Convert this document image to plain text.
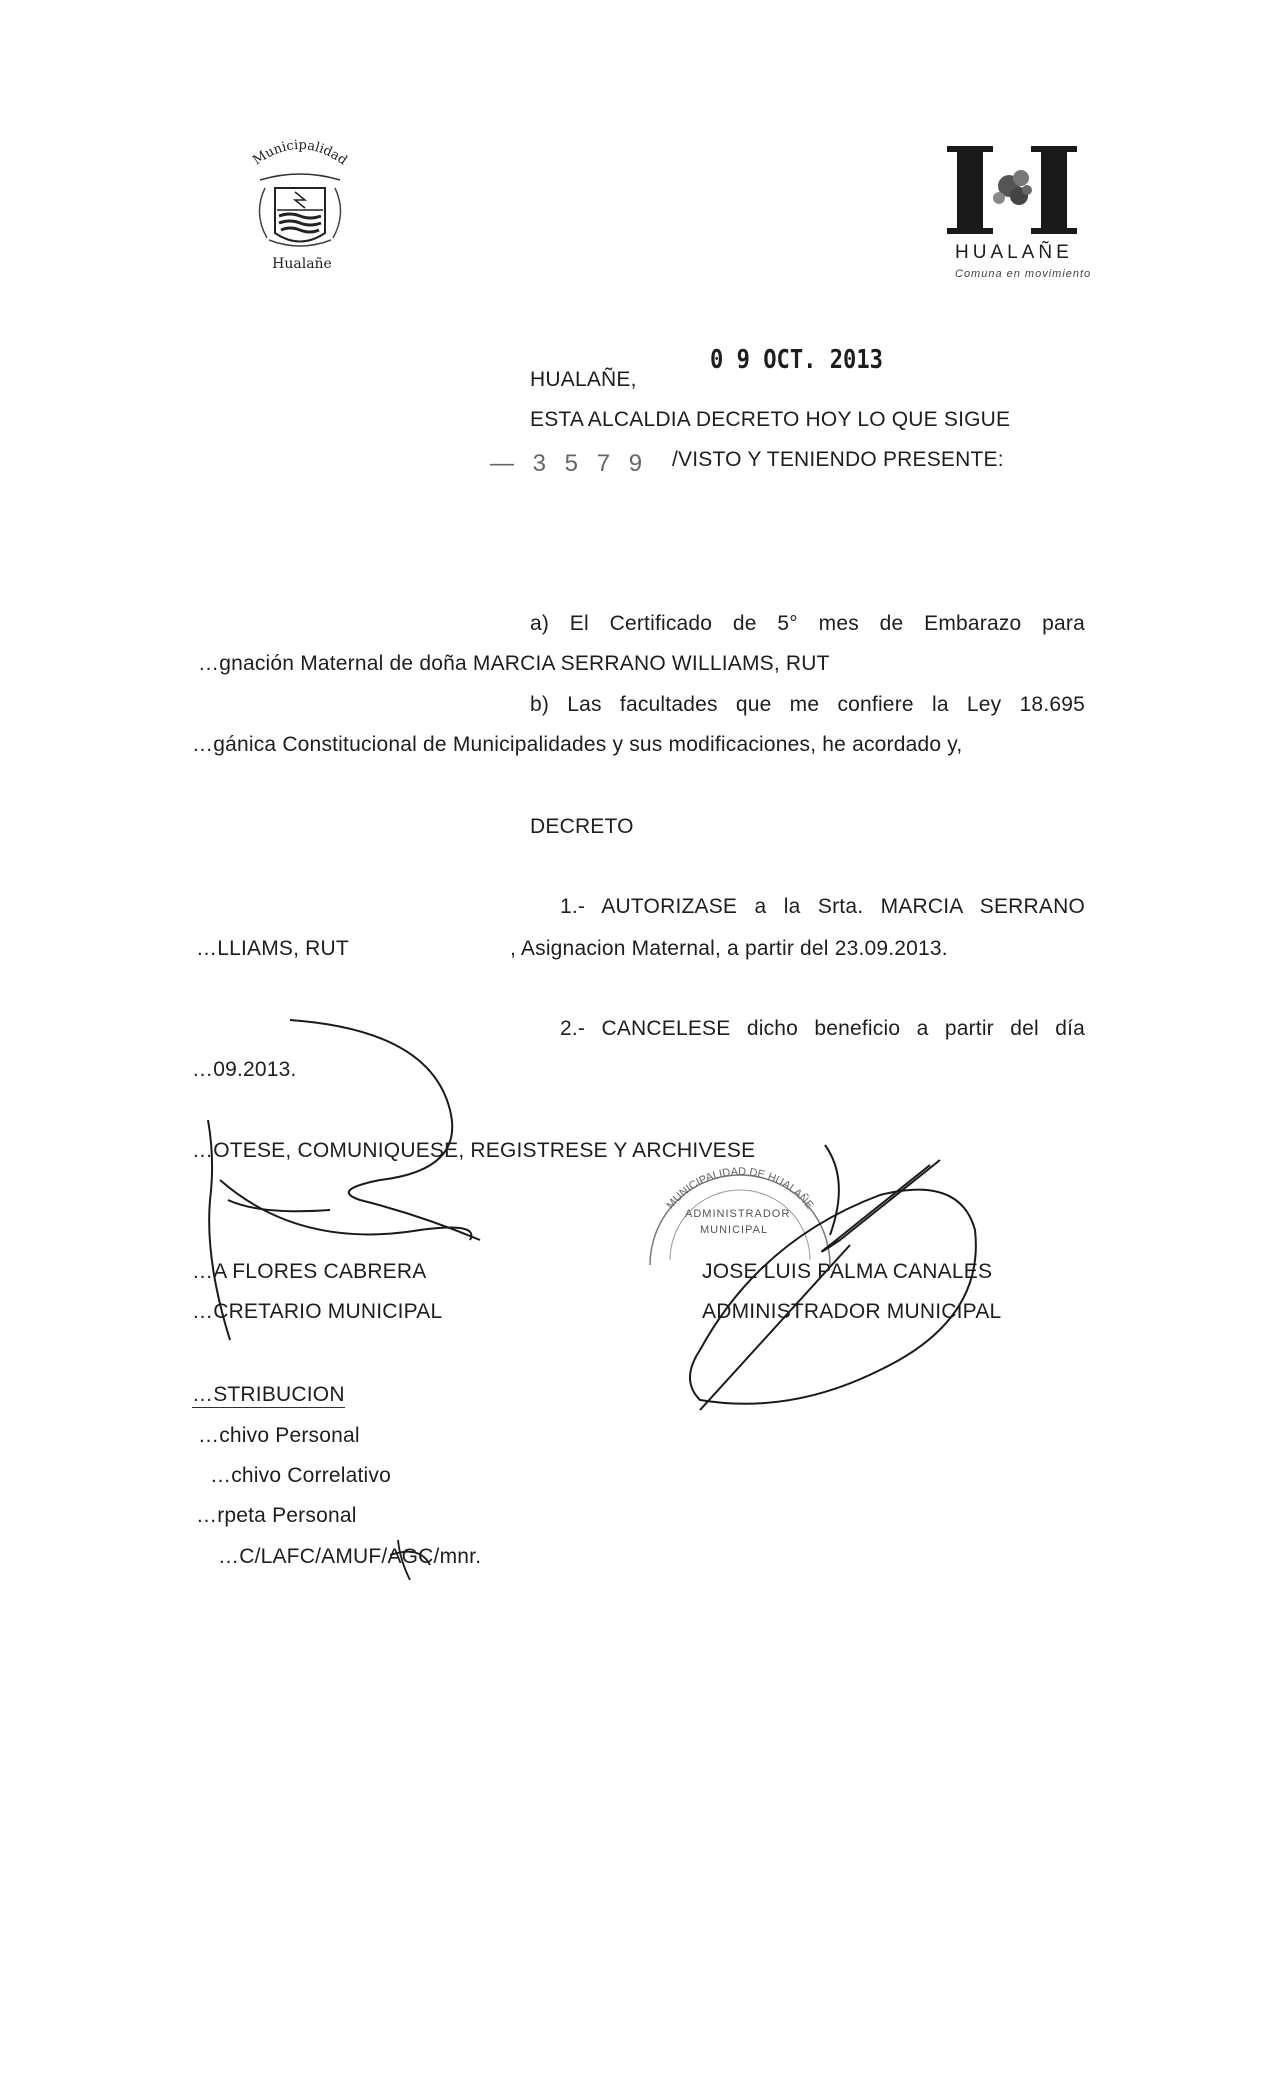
Municipalidad
Hualañe
HUALAÑE
Comuna en movimiento
HUALAÑE,
0 9 OCT. 2013
ESTA ALCALDIA DECRETO HOY LO QUE SIGUE
— 3 5 7 9 /VISTO Y TENIENDO PRESENTE:
a) El Certificado de 5° mes de Embarazo para
…gnación Maternal de doña MARCIA SERRANO WILLIAMS, RUT
b) Las facultades que me confiere la Ley 18.695
…gánica Constitucional de Municipalidades y sus modificaciones, he acordado y,
DECRETO
1.- AUTORIZASE a la Srta. MARCIA SERRANO
…LLIAMS, RUT	, Asignacion Maternal, a partir del 23.09.2013.
2.- CANCELESE dicho beneficio a partir del día
…09.2013.
…OTESE, COMUNIQUESE, REGISTRESE Y ARCHIVESE
…A FLORES CABRERA
…CRETARIO MUNICIPAL
JOSE LUIS PALMA CANALES
ADMINISTRADOR MUNICIPAL
MUNICIPALIDAD DE HUALAÑE
ADMINISTRADOR
MUNICIPAL
…STRIBUCION
…chivo Personal
…chivo Correlativo
…rpeta Personal
…C/LAFC/AMUF/AGC/mnr.
